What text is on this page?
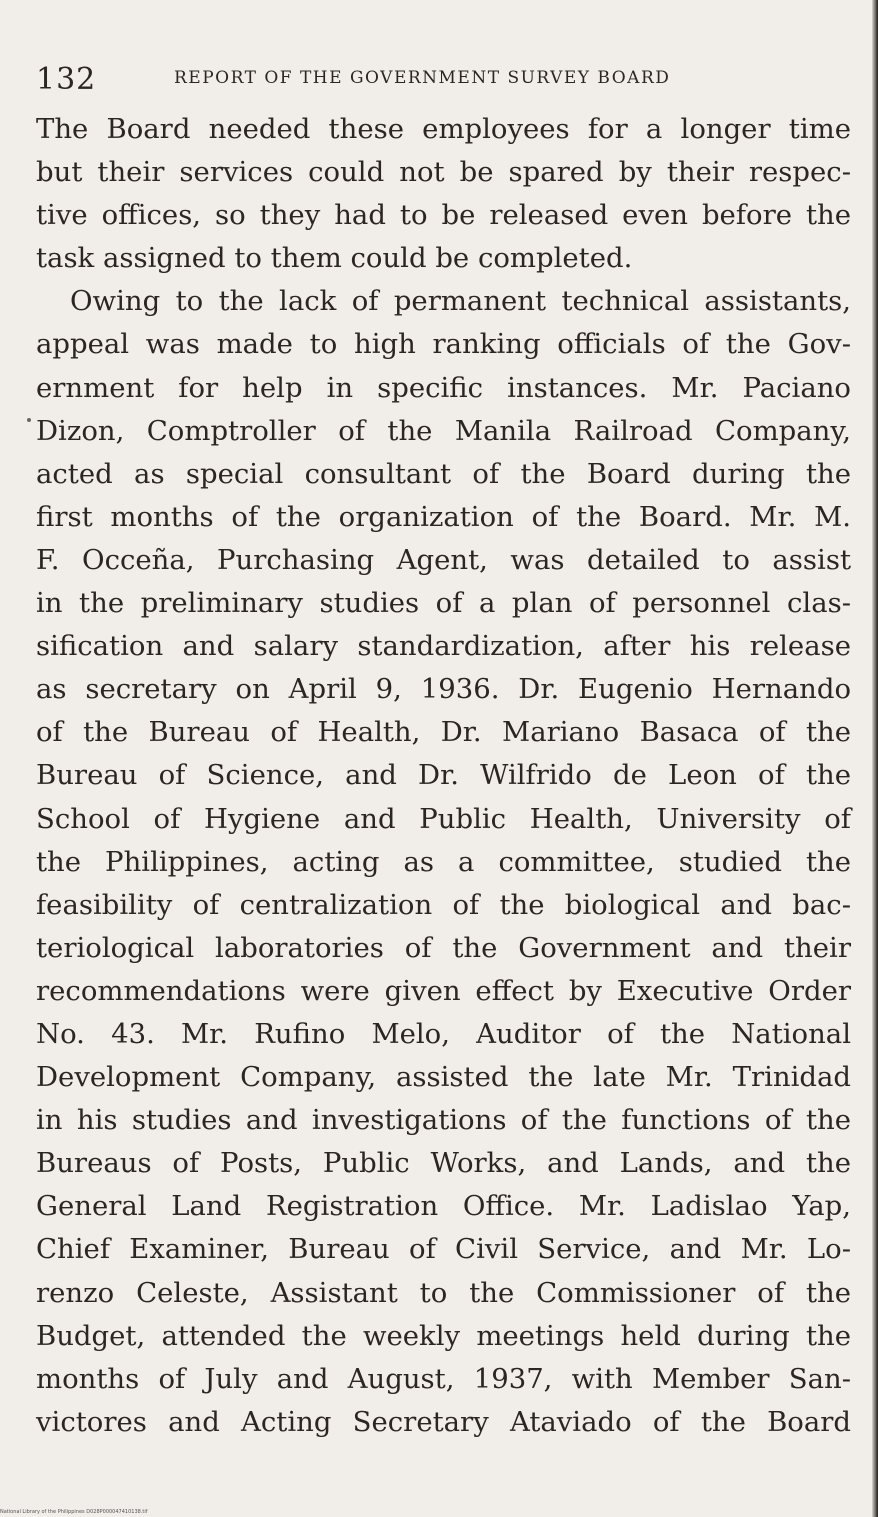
132	REPORT OF THE GOVERNMENT SURVEY BOARD
The Board needed these employees for a longer time
but their services could not be spared by their respec-
tive offices, so they had to be released even before the
task assigned to them could be completed.
Owing to the lack of permanent technical assistants,
appeal was made to high ranking officials of the Gov-
ernment for help in specific instances. Mr. Paciano
Dizon, Comptroller of the Manila Railroad Company,
acted as special consultant of the Board during the
first months of the organization of the Board. Mr. M.
F. Occeña, Purchasing Agent, was detailed to assist
in the preliminary studies of a plan of personnel clas-
sification and salary standardization, after his release
as secretary on April 9, 1936. Dr. Eugenio Hernando
of the Bureau of Health, Dr. Mariano Basaca of the
Bureau of Science, and Dr. Wilfrido de Leon of the
School of Hygiene and Public Health, University of
the Philippines, acting as a committee, studied the
feasibility of centralization of the biological and bac-
teriological laboratories of the Government and their
recommendations were given effect by Executive Order
No. 43. Mr. Rufino Melo, Auditor of the National
Development Company, assisted the late Mr. Trinidad
in his studies and investigations of the functions of the
Bureaus of Posts, Public Works, and Lands, and the
General Land Registration Office. Mr. Ladislao Yap,
Chief Examiner, Bureau of Civil Service, and Mr. Lo-
renzo Celeste, Assistant to the Commissioner of the
Budget, attended the weekly meetings held during the
months of July and August, 1937, with Member San-
victores and Acting Secretary Ataviado of the Board
National Library of the Philippines D028P000047410138.tif
